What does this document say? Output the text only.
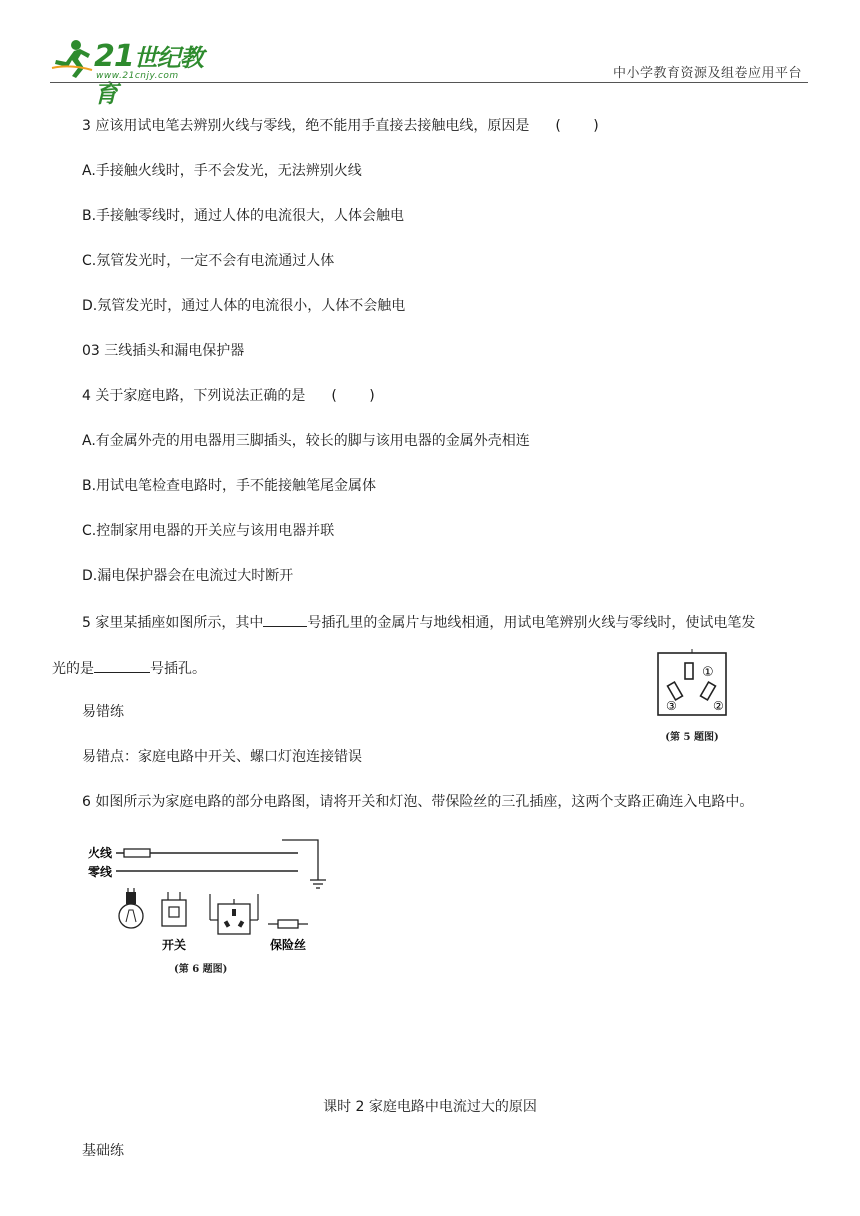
21世纪教育
www.21cnjy.com	中小学教育资源及组卷应用平台
3 应该用试电笔去辨别火线与零线，绝不能用手直接去接触电线，原因是 ( )
A.手接触火线时，手不会发光，无法辨别火线
B.手接触零线时，通过人体的电流很大，人体会触电
C.氖管发光时，一定不会有电流通过人体
D.氖管发光时，通过人体的电流很小，人体不会触电
03 三线插头和漏电保护器
4 关于家庭电路，下列说法正确的是 ( )
A.有金属外壳的用电器用三脚插头，较长的脚与该用电器的金属外壳相连
B.用试电笔检查电路时，手不能接触笔尾金属体
C.控制家用电器的开关应与该用电器并联
D.漏电保护器会在电流过大时断开
5 家里某插座如图所示，其中	号插孔里的金属片与地线相通，用试电笔辨别火线与零线时，使试电笔发
光的是	号插孔。	①
③	②
(第 5 题图)
易错练
易错点：家庭电路中开关、螺口灯泡连接错误
6 如图所示为家庭电路的部分电路图，请将开关和灯泡、带保险丝的三孔插座，这两个支路正确连入电路中。
火线
零线
开关	保险丝
(第 6 题图)
课时 2 家庭电路中电流过大的原因
基础练
